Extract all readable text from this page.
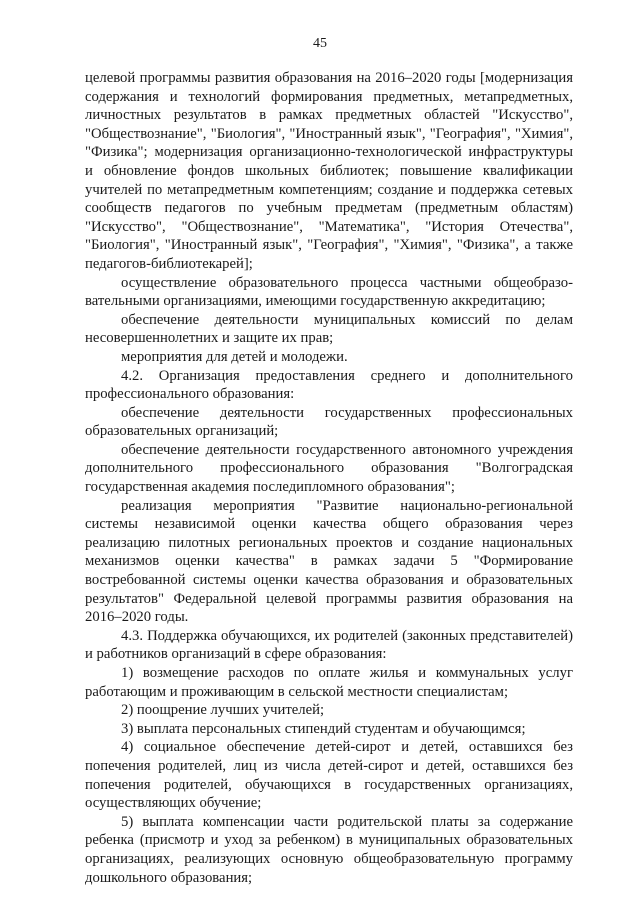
45

целевой программы развития образования на 2016–2020 годы [модернизация содержания и технологий формирования предметных, метапредметных, личностных результатов в рамках предметных областей "Искусство", "Обществознание", "Биология", "Иностранный язык", "География", "Химия", "Физика"; модернизация организационно-технологической инфраструктуры и обновление фондов школьных библиотек; повышение квалификации учителей по метапредметным компетенциям; создание и поддержка сетевых сообществ педагогов по учебным предметам (предметным областям) "Искусство", "Обществознание", "Математика", "История Отечества", "Биология", "Иностранный язык", "География", "Химия", "Физика", а также педагогов-библиотекарей];

осуществление образовательного процесса частными общеобразовательными организациями, имеющими государственную аккредитацию;

обеспечение деятельности муниципальных комиссий по делам несовершеннолетних и защите их прав;

мероприятия для детей и молодежи.

4.2. Организация предоставления среднего и дополнительного профессионального образования:

обеспечение деятельности государственных профессиональных образовательных организаций;

обеспечение деятельности государственного автономного учреждения дополнительного профессионального образования "Волгоградская государственная академия последипломного образования";

реализация мероприятия "Развитие национально-региональной системы независимой оценки качества общего образования через реализацию пилотных региональных проектов и создание национальных механизмов оценки качества" в рамках задачи 5 "Формирование востребованной системы оценки качества образования и образовательных результатов" Федеральной целевой программы развития образования на 2016–2020 годы.

4.3. Поддержка обучающихся, их родителей (законных представителей) и работников организаций в сфере образования:

1) возмещение расходов по оплате жилья и коммунальных услуг работающим и проживающим в сельской местности специалистам;

2) поощрение лучших учителей;

3) выплата персональных стипендий студентам и обучающимся;

4) социальное обеспечение детей-сирот и детей, оставшихся без попечения родителей, лиц из числа детей-сирот и детей, оставшихся без попечения родителей, обучающихся в государственных организациях, осуществляющих обучение;

5) выплата компенсации части родительской платы за содержание ребенка (присмотр и уход за ребенком) в муниципальных образовательных организациях, реализующих основную общеобразовательную программу дошкольного образования;
